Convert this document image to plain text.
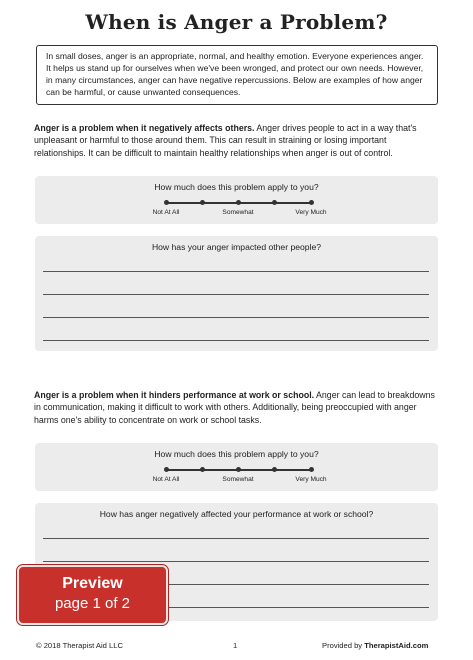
When is Anger a Problem?
In small doses, anger is an appropriate, normal, and healthy emotion. Everyone experiences anger. It helps us stand up for ourselves when we've been wronged, and protect our own needs. However, in many circumstances, anger can have negative repercussions. Below are examples of how anger can be harmful, or cause unwanted consequences.

Anger is a problem when it negatively affects others. Anger drives people to act in a way that's unpleasant or harmful to those around them. This can result in straining or losing important relationships. It can be difficult to maintain healthy relationships when anger is out of control.

How much does this problem apply to you?
Not At All	Somewhat	Very Much
How has your anger impacted other people?

Anger is a problem when it hinders performance at work or school. Anger can lead to breakdowns in communication, making it difficult to work with others. Additionally, being preoccupied with anger harms one's ability to concentrate on work or school tasks.

How much does this problem apply to you?
Not At All	Somewhat	Very Much
How has anger negatively affected your performance at work or school?
Preview
page 1 of 2
© 2018 Therapist Aid LLC	1	Provided by TherapistAid.com
